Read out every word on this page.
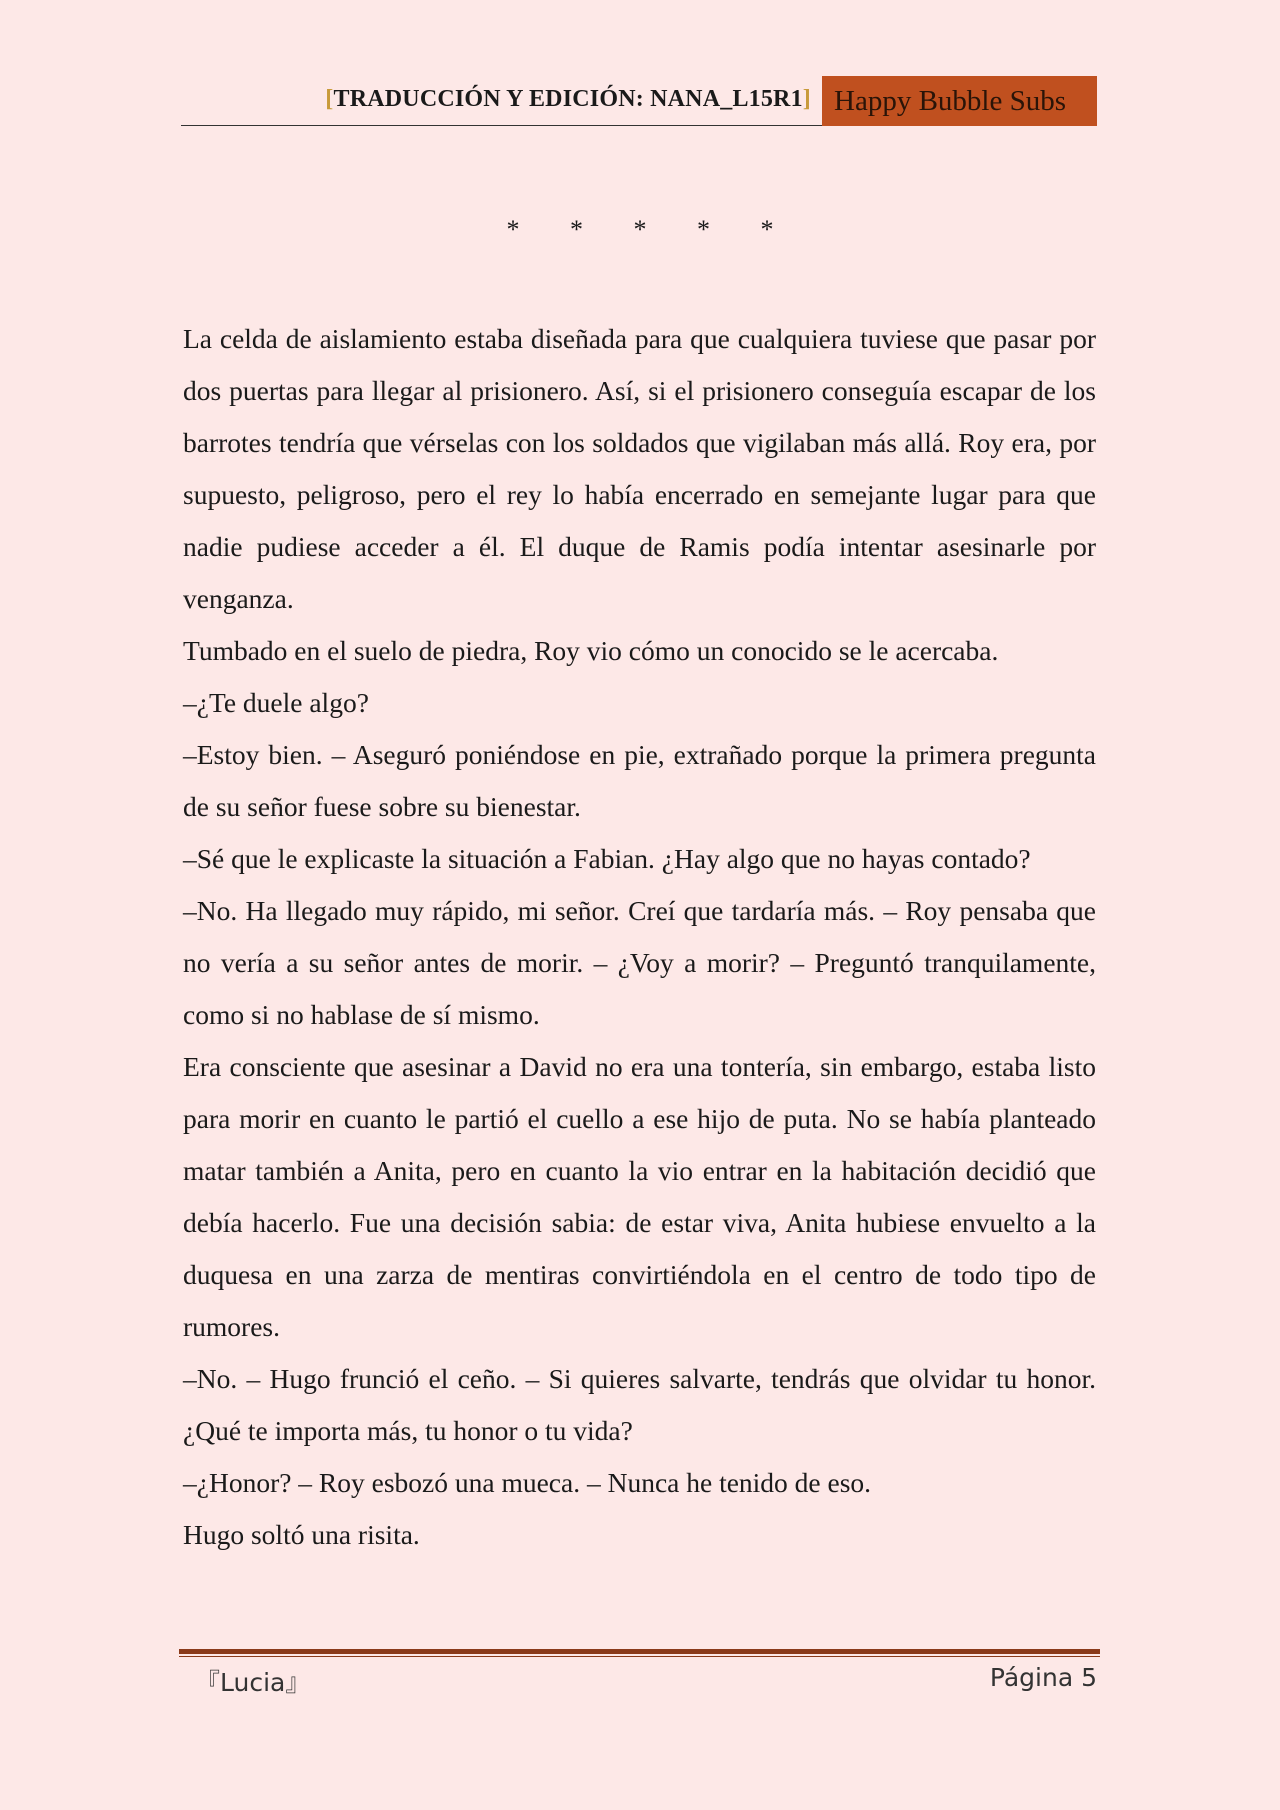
[TRADUCCIÓN Y EDICIÓN: NANA_L15R1] Happy Bubble Subs
* * * * *

La celda de aislamiento estaba diseñada para que cualquiera tuviese que pasar por dos puertas para llegar al prisionero. Así, si el prisionero conseguía escapar de los barrotes tendría que vérselas con los soldados que vigilaban más allá. Roy era, por supuesto, peligroso, pero el rey lo había encerrado en semejante lugar para que nadie pudiese acceder a él. El duque de Ramis podía intentar asesinarle por venganza.

Tumbado en el suelo de piedra, Roy vio cómo un conocido se le acercaba.

–¿Te duele algo?

–Estoy bien. – Aseguró poniéndose en pie, extrañado porque la primera pregunta de su señor fuese sobre su bienestar.

–Sé que le explicaste la situación a Fabian. ¿Hay algo que no hayas contado?

–No. Ha llegado muy rápido, mi señor. Creí que tardaría más. – Roy pensaba que no vería a su señor antes de morir. – ¿Voy a morir? – Preguntó tranquilamente, como si no hablase de sí mismo.

Era consciente que asesinar a David no era una tontería, sin embargo, estaba listo para morir en cuanto le partió el cuello a ese hijo de puta. No se había planteado matar también a Anita, pero en cuanto la vio entrar en la habitación decidió que debía hacerlo. Fue una decisión sabia: de estar viva, Anita hubiese envuelto a la duquesa en una zarza de mentiras convirtiéndola en el centro de todo tipo de rumores.

–No. – Hugo frunció el ceño. – Si quieres salvarte, tendrás que olvidar tu honor. ¿Qué te importa más, tu honor o tu vida?

–¿Honor? – Roy esbozó una mueca. – Nunca he tenido de eso.

Hugo soltó una risita.

『Lucia』	Página 5
